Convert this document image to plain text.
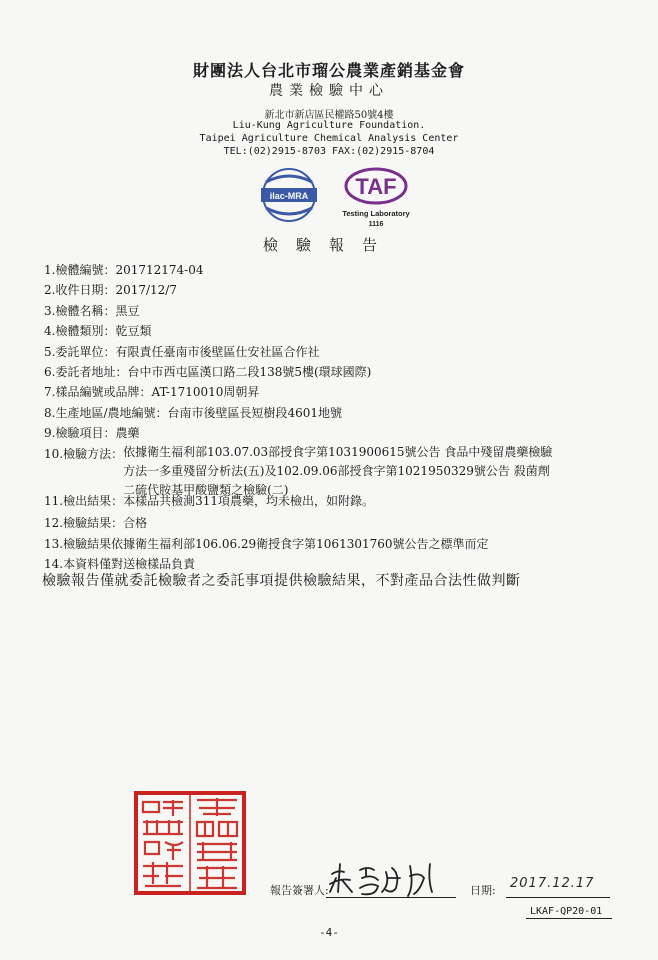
財團法人台北市瑠公農業產銷基金會
農業檢驗中心
新北市新店區民權路50號4樓
Liu-Kung Agriculture Foundation.
Taipei Agriculture Chemical Analysis Center
TEL:(02)2915-8703 FAX:(02)2915-8704
ilac-MRA TAF
Testing Laboratory
1116
檢驗報告
1.檢體編號：201712174-04
2.收件日期：2017/12/7
3.檢體名稱：黑豆
4.檢體類別：乾豆類
5.委託單位：有限責任臺南市後壁區仕安社區合作社
6.委託者地址：台中市西屯區漢口路二段138號5樓(環球國際)
7.樣品編號或品牌：AT-1710010周朝昇
8.生產地區/農地編號：台南市後壁區長短樹段4601地號
9.檢驗項目：農藥
10.檢驗方法： 依據衛生福利部103.07.03部授食字第1031900615號公告 食品中殘留農藥檢驗
方法一多重殘留分析法(五)及102.09.06部授食字第1021950329號公告 殺菌劑
二硫代胺基甲酸鹽類之檢驗(二)
11.檢出結果：本樣品共檢測311項農藥，均未檢出，如附錄。
12.檢驗結果：合格
13.檢驗結果依據衛生福利部106.06.29衛授食字第1061301760號公告之標準而定
14.本資料僅對送檢樣品負責
檢驗報告僅就委託檢驗者之委託事項提供檢驗結果，不對產品合法性做判斷
報告簽署人:	日期: 2017.12.17
LKAF-QP20-01
-4-
